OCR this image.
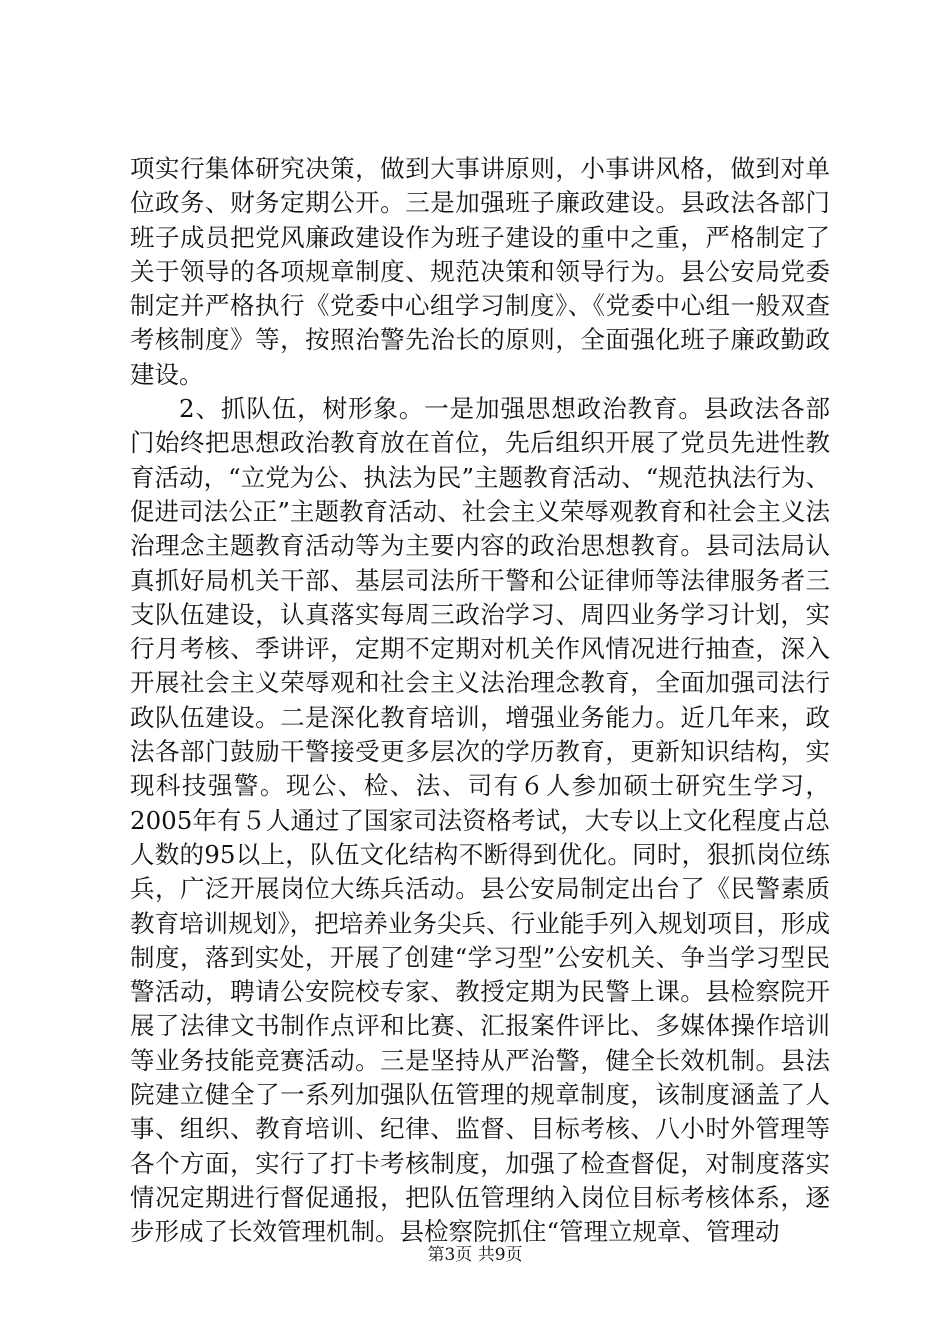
项实行集体研究决策，做到大事讲原则，小事讲风格，做到对单位政务、财务定期公开。三是加强班子廉政建设。县政法各部门班子成员把党风廉政建设作为班子建设的重中之重，严格制定了关于领导的各项规章制度、规范决策和领导行为。县公安局党委制定并严格执行《党委中心组学习制度》、《党委中心组一般双查考核制度》等，按照治警先治长的原则，全面强化班子廉政勤政建设。

2、抓队伍，树形象。一是加强思想政治教育。县政法各部门始终把思想政治教育放在首位，先后组织开展了党员先进性教育活动，“立党为公、执法为民”主题教育活动、“规范执法行为、促进司法公正”主题教育活动、社会主义荣辱观教育和社会主义法治理念主题教育活动等为主要内容的政治思想教育。县司法局认真抓好局机关干部、基层司法所干警和公证律师等法律服务者三支队伍建设，认真落实每周三政治学习、周四业务学习计划，实行月考核、季讲评，定期不定期对机关作风情况进行抽查，深入开展社会主义荣辱观和社会主义法治理念教育，全面加强司法行政队伍建设。二是深化教育培训，增强业务能力。近几年来，政法各部门鼓励干警接受更多层次的学历教育，更新知识结构，实现科技强警。现公、检、法、司有６人参加硕士研究生学习，2005年有５人通过了国家司法资格考试，大专以上文化程度占总人数的95以上，队伍文化结构不断得到优化。同时，狠抓岗位练兵，广泛开展岗位大练兵活动。县公安局制定出台了《民警素质教育培训规划》，把培养业务尖兵、行业能手列入规划项目，形成制度，落到实处，开展了创建“学习型”公安机关、争当学习型民警活动，聘请公安院校专家、教授定期为民警上课。县检察院开展了法律文书制作点评和比赛、汇报案件评比、多媒体操作培训等业务技能竞赛活动。三是坚持从严治警，健全长效机制。县法院建立健全了一系列加强队伍管理的规章制度，该制度涵盖了人事、组织、教育培训、纪律、监督、目标考核、八小时外管理等各个方面，实行了打卡考核制度，加强了检查督促，对制度落实情况定期进行督促通报，把队伍管理纳入岗位目标考核体系，逐步形成了长效管理机制。县检察院抓住“管理立规章、管理动

第3页 共9页
